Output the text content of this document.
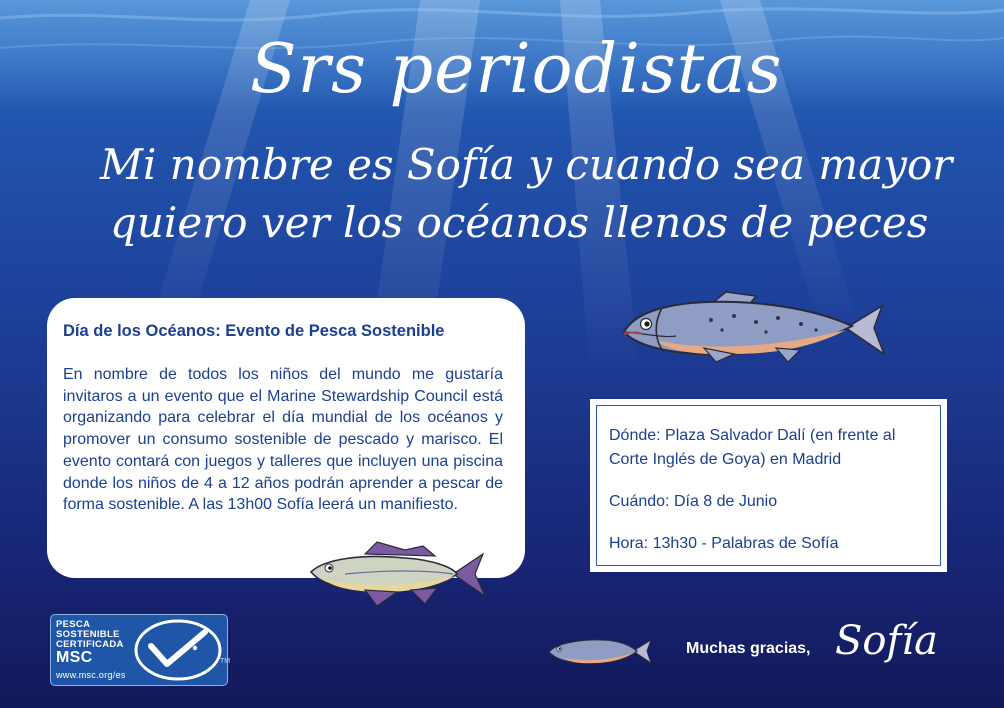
Srs periodistas
Mi nombre es Sofía y cuando sea mayor
quiero ver los océanos llenos de peces
Día de los Océanos: Evento de Pesca Sostenible
En nombre de todos los niños del mundo me gustaría invitaros a un evento que el Marine Stewardship Council está organizando para celebrar el día mundial de los océanos y promover un consumo sostenible de pescado y marisco. El evento contará con juegos y talleres que incluyen una piscina donde los niños de 4 a 12 años podrán aprender a pescar de forma sostenible. A las 13h00 Sofía leerá un manifiesto.

Dónde: Plaza Salvador Dalí (en frente al Corte Inglés de Goya) en Madrid

Cuándo: Día 8 de Junio

Hora: 13h30 - Palabras de Sofía

PESCA
SOSTENIBLE
CERTIFICADA
MSC
www.msc.org/es
TM
Muchas gracias, Sofía
